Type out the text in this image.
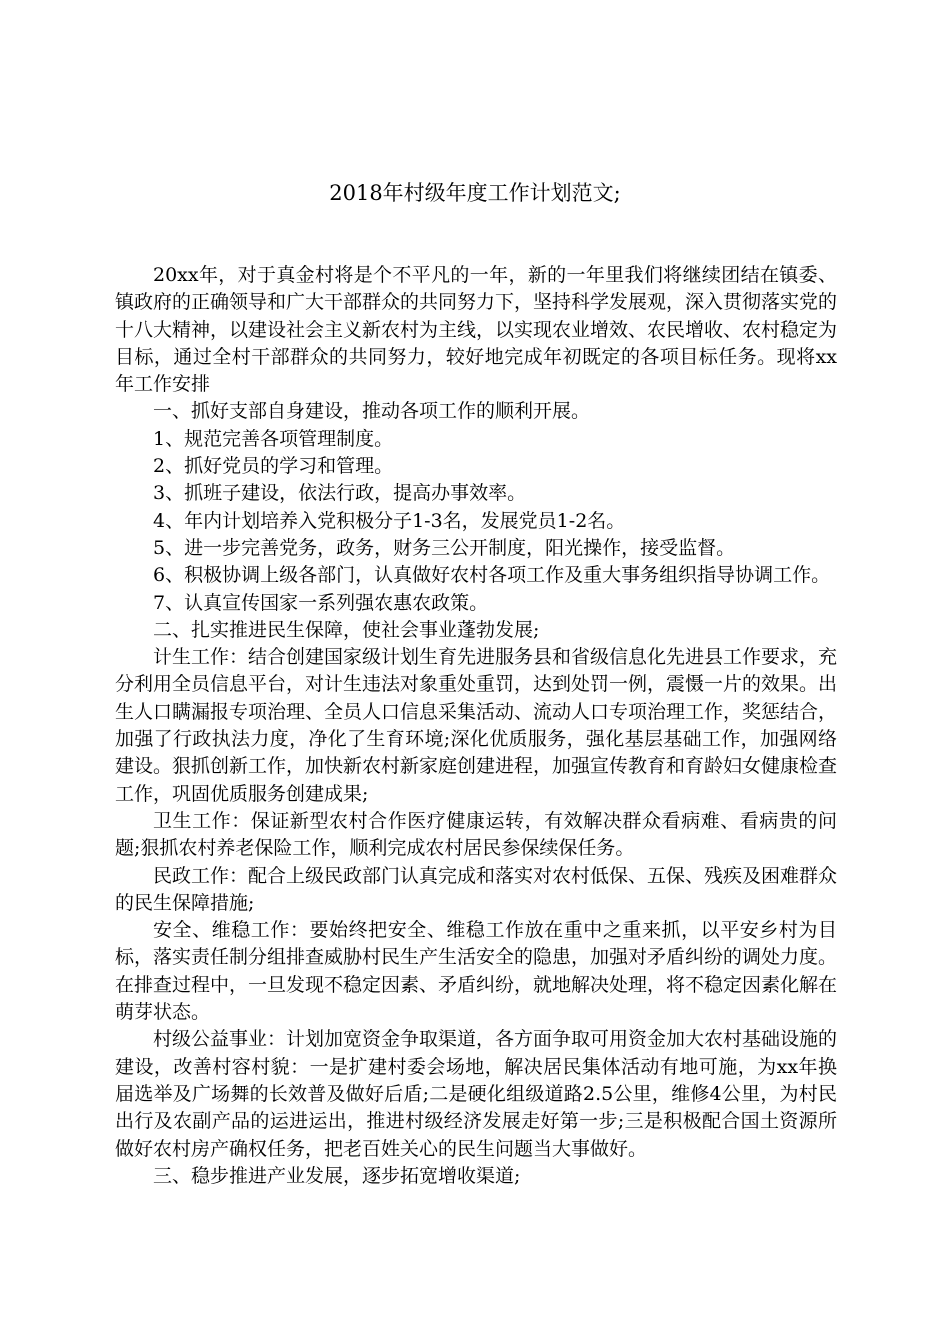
2018年村级年度工作计划范文;

20xx年，对于真金村将是个不平凡的一年，新的一年里我们将继续团结在镇委、镇政府的正确领导和广大干部群众的共同努力下，坚持科学发展观，深入贯彻落实党的十八大精神，以建设社会主义新农村为主线，以实现农业增效、农民增收、农村稳定为目标，通过全村干部群众的共同努力，较好地完成年初既定的各项目标任务。现将xx年工作安排

一、抓好支部自身建设，推动各项工作的顺利开展。

1、规范完善各项管理制度。

2、抓好党员的学习和管理。

3、抓班子建设，依法行政，提高办事效率。

4、年内计划培养入党积极分子1-3名，发展党员1-2名。

5、进一步完善党务，政务，财务三公开制度，阳光操作，接受监督。

6、积极协调上级各部门，认真做好农村各项工作及重大事务组织指导协调工作。

7、认真宣传国家一系列强农惠农政策。

二、扎实推进民生保障，使社会事业蓬勃发展;

计生工作：结合创建国家级计划生育先进服务县和省级信息化先进县工作要求，充分利用全员信息平台，对计生违法对象重处重罚，达到处罚一例，震慑一片的效果。出生人口瞒漏报专项治理、全员人口信息采集活动、流动人口专项治理工作，奖惩结合，加强了行政执法力度，净化了生育环境;深化优质服务，强化基层基础工作，加强网络建设。狠抓创新工作，加快新农村新家庭创建进程，加强宣传教育和育龄妇女健康检查工作，巩固优质服务创建成果;

卫生工作：保证新型农村合作医疗健康运转，有效解决群众看病难、看病贵的问题;狠抓农村养老保险工作，顺利完成农村居民参保续保任务。

民政工作：配合上级民政部门认真完成和落实对农村低保、五保、残疾及困难群众的民生保障措施;

安全、维稳工作：要始终把安全、维稳工作放在重中之重来抓，以平安乡村为目标，落实责任制分组排查威胁村民生产生活安全的隐患，加强对矛盾纠纷的调处力度。在排查过程中，一旦发现不稳定因素、矛盾纠纷，就地解决处理，将不稳定因素化解在萌芽状态。

村级公益事业：计划加宽资金争取渠道，各方面争取可用资金加大农村基础设施的建设，改善村容村貌：一是扩建村委会场地，解决居民集体活动有地可施，为xx年换届选举及广场舞的长效普及做好后盾;二是硬化组级道路2.5公里，维修4公里，为村民出行及农副产品的运进运出，推进村级经济发展走好第一步;三是积极配合国土资源所做好农村房产确权任务，把老百姓关心的民生问题当大事做好。

三、稳步推进产业发展，逐步拓宽增收渠道;
